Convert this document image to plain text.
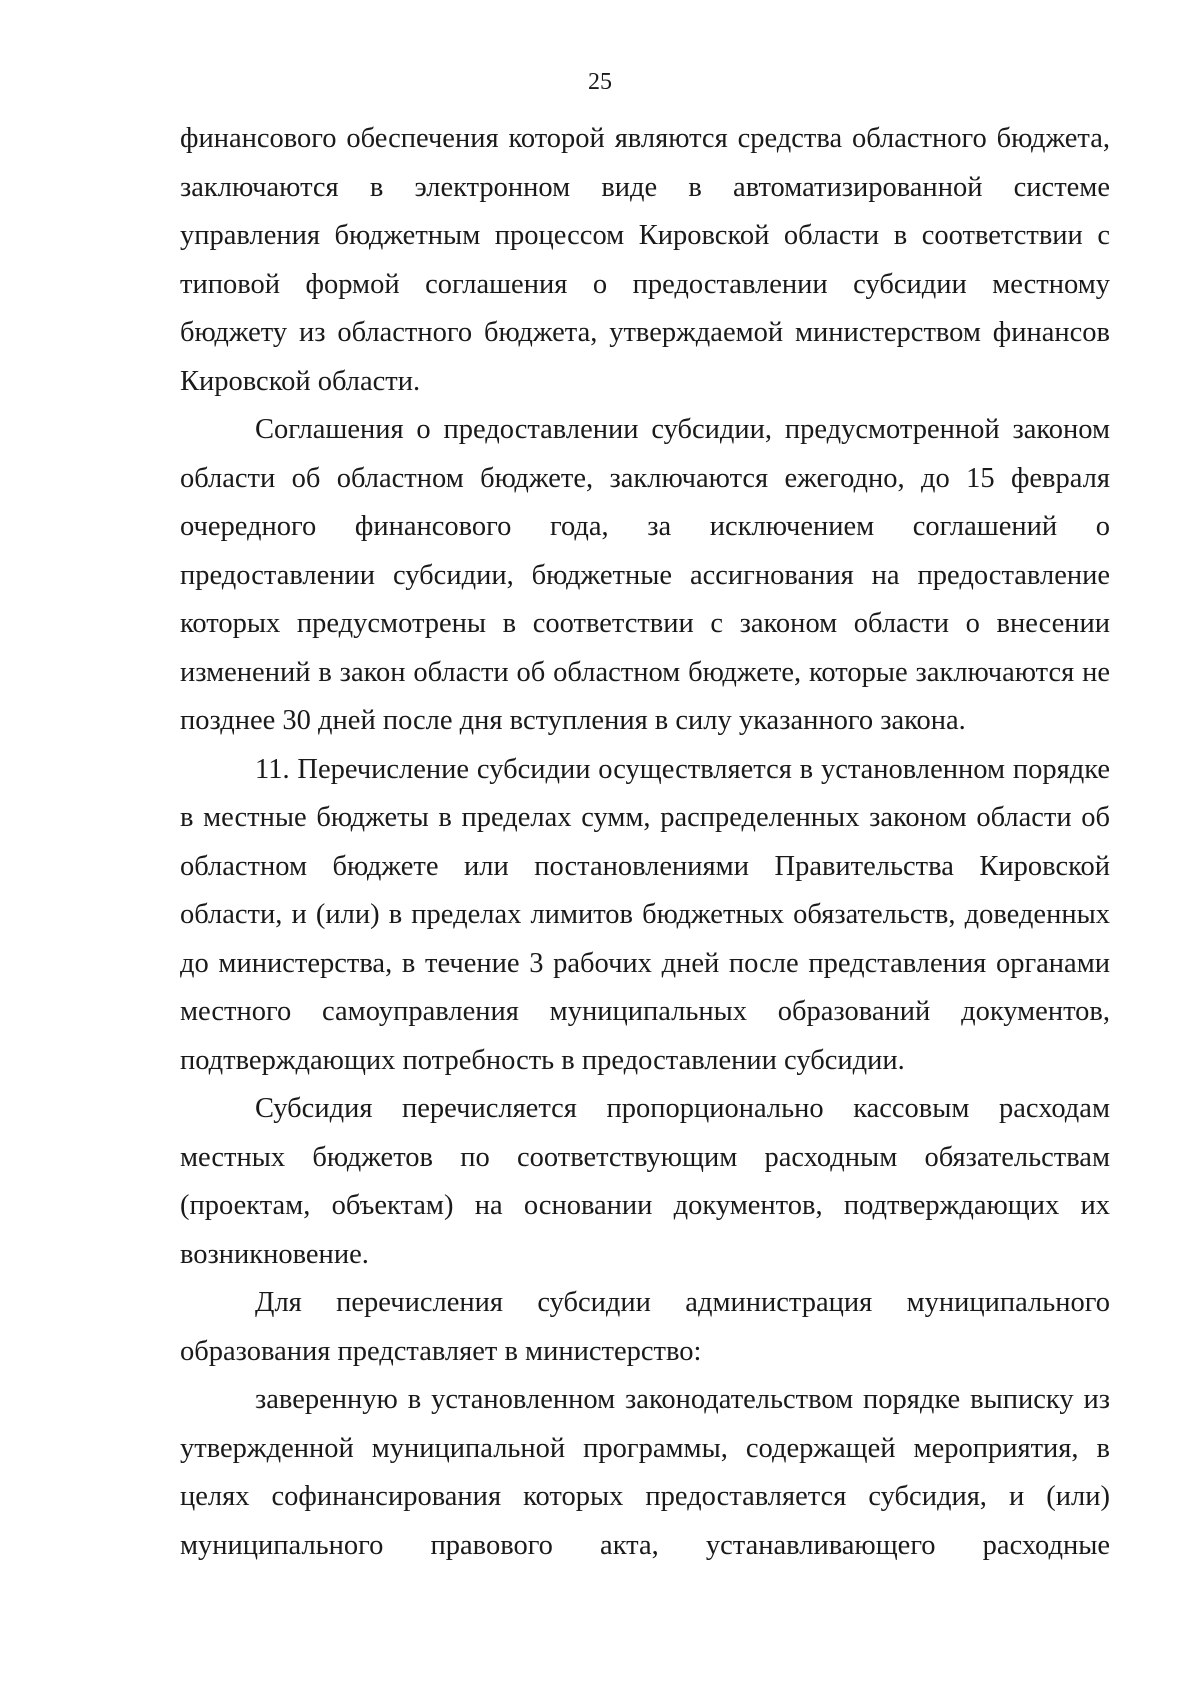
25

финансового обеспечения которой являются средства областного бюджета, заключаются в электронном виде в автоматизированной системе управления бюджетным процессом Кировской области в соответствии с типовой формой соглашения о предоставлении субсидии местному бюджету из областного бюджета, утверждаемой министерством финансов Кировской области.

Соглашения о предоставлении субсидии, предусмотренной законом области об областном бюджете, заключаются ежегодно, до 15 февраля очередного финансового года, за исключением соглашений о предоставлении субсидии, бюджетные ассигнования на предоставление которых предусмотрены в соответствии с законом области о внесении изменений в закон области об областном бюджете, которые заключаются не позднее 30 дней после дня вступления в силу указанного закона.

11. Перечисление субсидии осуществляется в установленном порядке в местные бюджеты в пределах сумм, распределенных законом области об областном бюджете или постановлениями Правительства Кировской области, и (или) в пределах лимитов бюджетных обязательств, доведенных до министерства, в течение 3 рабочих дней после представления органами местного самоуправления муниципальных образований документов, подтверждающих потребность в предоставлении субсидии.

Субсидия перечисляется пропорционально кассовым расходам местных бюджетов по соответствующим расходным обязательствам (проектам, объектам) на основании документов, подтверждающих их возникновение.

Для перечисления субсидии администрация муниципального образования представляет в министерство:

заверенную в установленном законодательством порядке выписку из утвержденной муниципальной программы, содержащей мероприятия, в целях софинансирования которых предоставляется субсидия, и (или) муниципального правового акта, устанавливающего расходные
